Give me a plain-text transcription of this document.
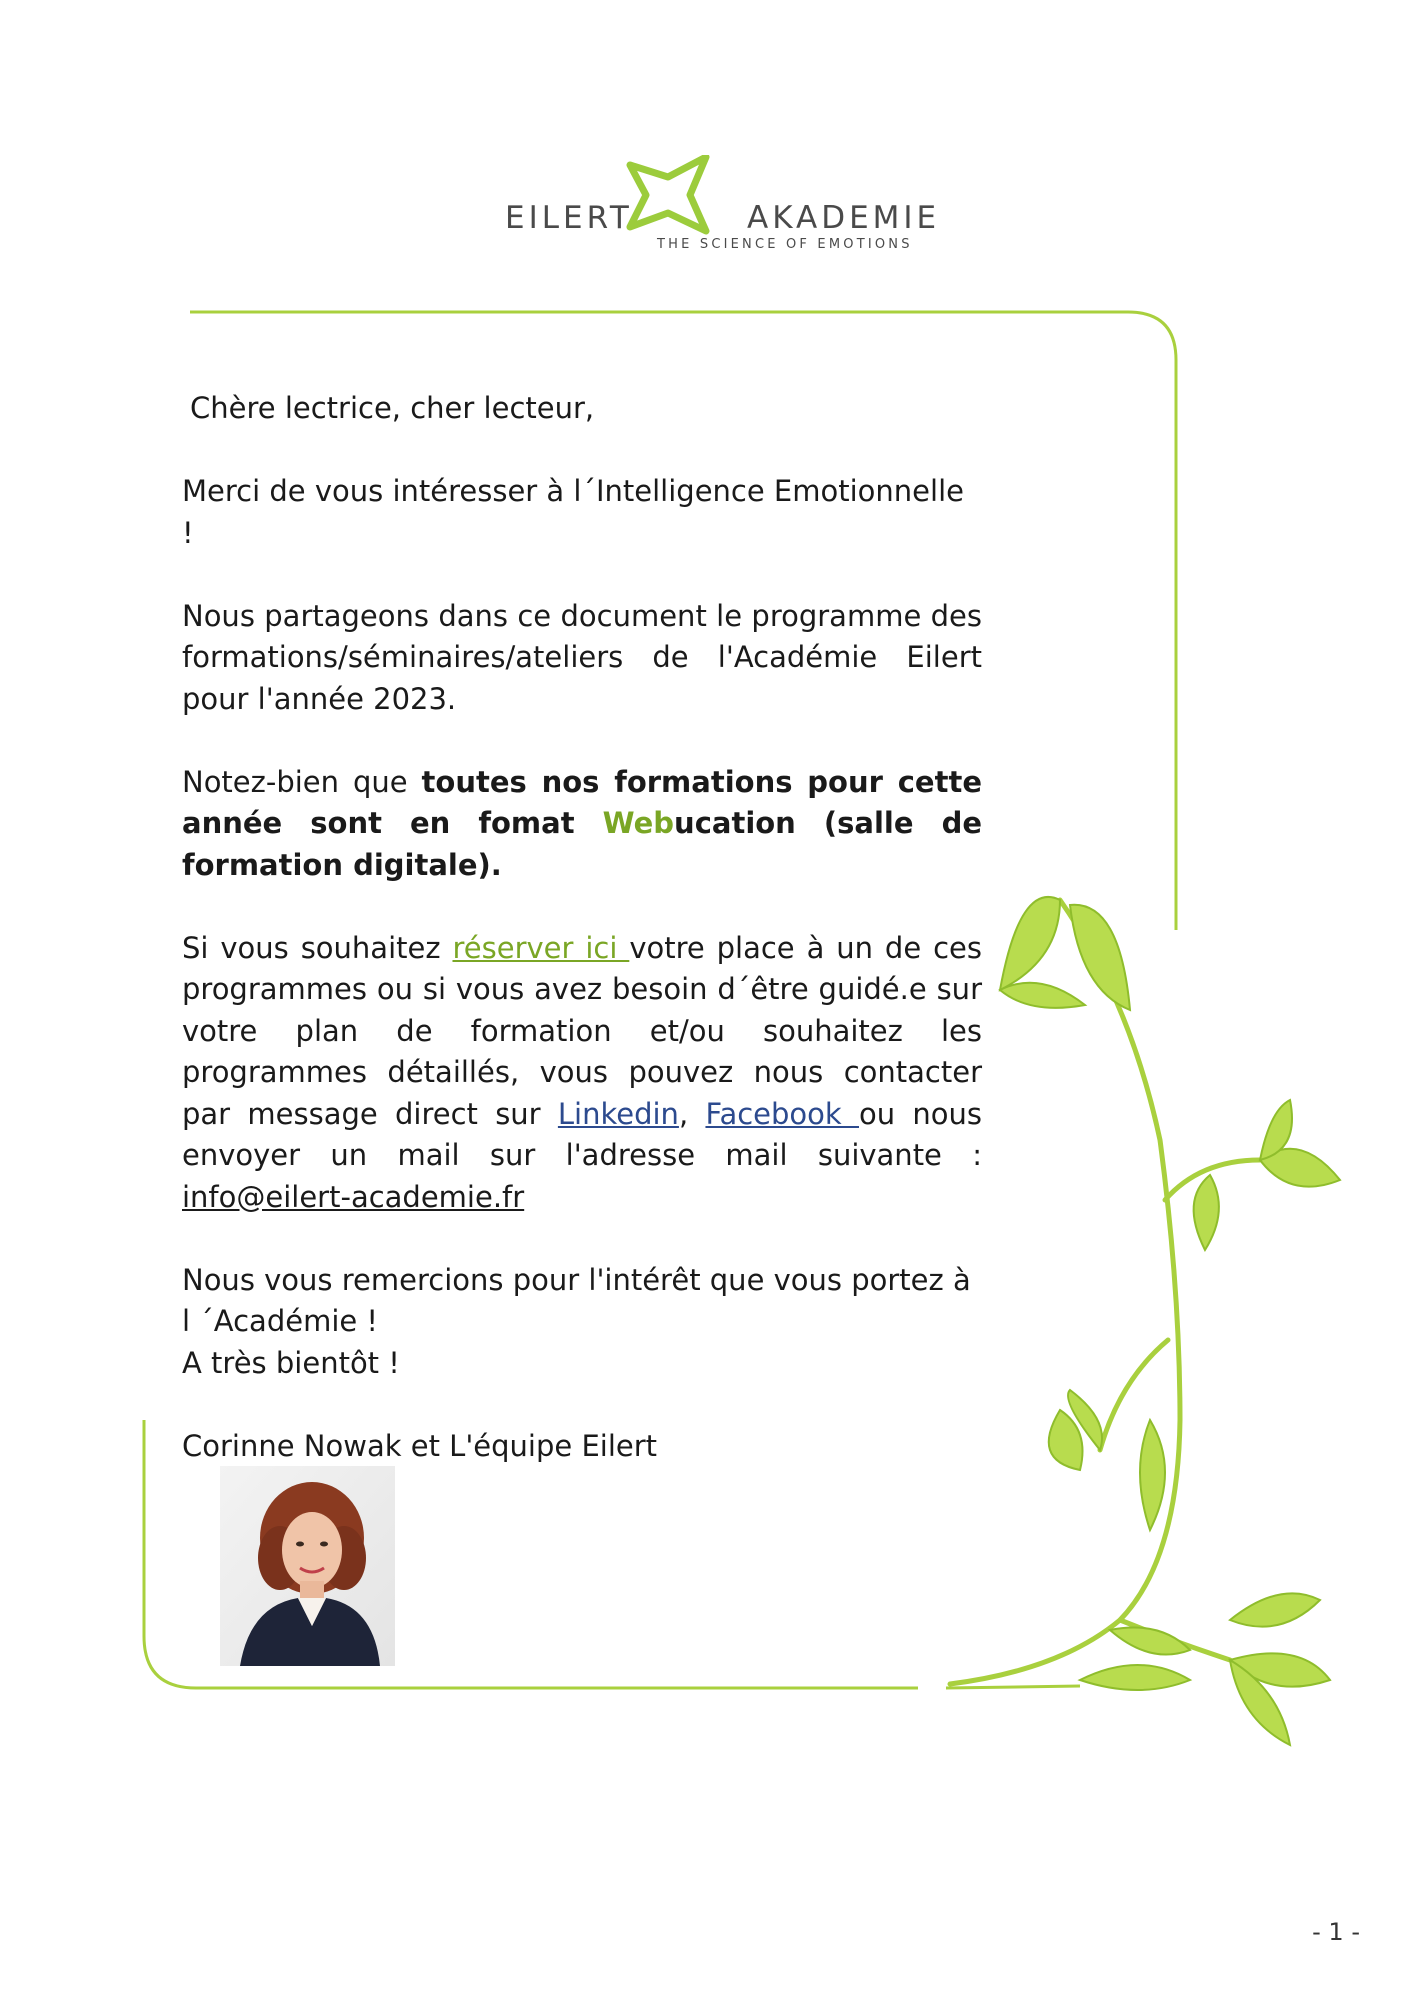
EILERT	AKADEMIE
THE SCIENCE OF EMOTIONS

Chère lectrice, cher lecteur,

Merci de vous intéresser à l´Intelligence Emotionnelle !

Nous partageons dans ce document le programme des formations/séminaires/ateliers de l'Académie Eilert pour l'année 2023.

Notez-bien que toutes nos formations pour cette année sont en fomat Webucation (salle de formation digitale).

Si vous souhaitez réserver ici votre place à un de ces programmes ou si vous avez besoin d´être guidé.e sur votre plan de formation et/ou souhaitez les programmes détaillés, vous pouvez nous contacter par message direct sur Linkedin, Facebook ou nous envoyer un mail sur l'adresse mail suivante : info@eilert-academie.fr

Nous vous remercions pour l'intérêt que vous portez à l ´Académie !

A très bientôt !

Corinne Nowak et L'équipe Eilert

- 1 -
